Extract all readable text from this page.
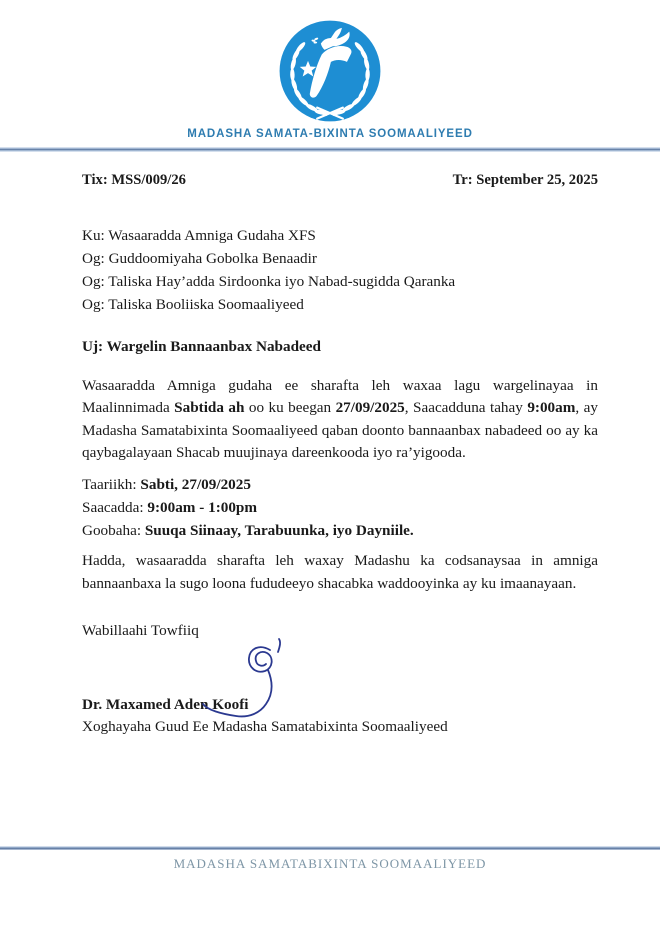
MADASHA SAMATA-BIXINTA SOOMAALIYEED
Tix: MSS/009/26	Tr: September 25, 2025
Ku: Wasaaradda Amniga Gudaha XFS
Og: Guddoomiyaha Gobolka Benaadir
Og: Taliska Hay’adda Sirdoonka iyo Nabad-sugidda Qaranka
Og: Taliska Booliiska Soomaaliyeed
Uj: Wargelin Bannaanbax Nabadeed
Wasaaradda Amniga gudaha ee sharafta leh waxaa lagu wargelinayaa in Maalinnimada Sabtida ah oo ku beegan 27/09/2025, Saacadduna tahay 9:00am, ay Madasha Samatabixinta Soomaaliyeed qaban doonto bannaanbax nabadeed oo ay ka qaybagalayaan Shacab muujinaya dareenkooda iyo ra’yigooda.
Taariikh: Sabti, 27/09/2025
Saacadda: 9:00am - 1:00pm
Goobaha: Suuqa Siinaay, Tarabuunka, iyo Dayniile.
Hadda, wasaaradda sharafta leh waxay Madashu ka codsanaysaa in amniga bannaanbaxa la sugo loona fududeeyo shacabka waddooyinka ay ku imaanayaan.
Wabillaahi Towfiiq
Dr. Maxamed Aden Koofi
Xoghayaha Guud Ee Madasha Samatabixinta Soomaaliyeed
MADASHA SAMATABIXINTA SOOMAALIYEED
